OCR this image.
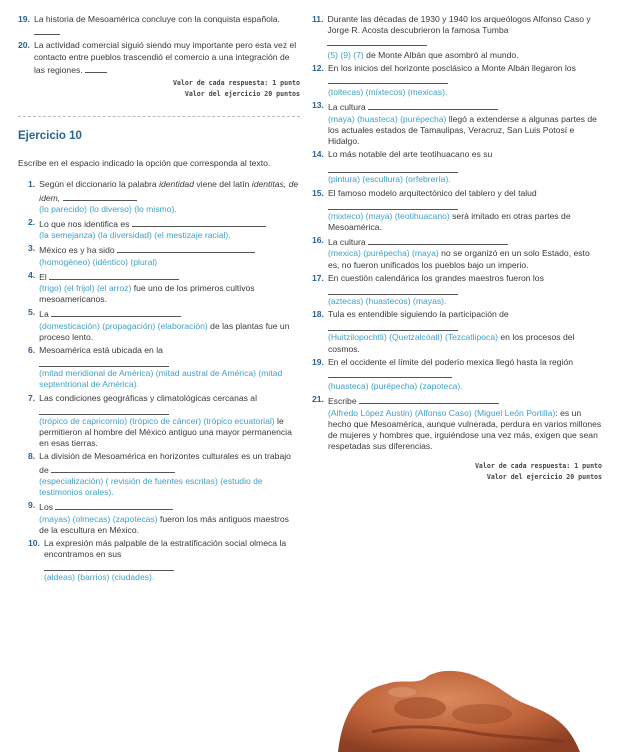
19. La historia de Mesoamérica concluye con la conquista española.
20. La actividad comercial siguió siendo muy importante pero esta vez el contacto entre pueblos trascendió el comercio a una integración de las regiones.
Valor de cada respuesta: 1 punto
Valor del ejercicio 20 puntos
Ejercicio 10
Escribe en el espacio indicado la opción que corresponda al texto.
1. Según el diccionario la palabra identidad viene del latín identitas, de idem,
(lo parecido) (lo diverso) (lo mismo).
2. Lo que nos identifica es
(la semejanza) (la diversidad) (el mestizaje racial).
3. México es y ha sido
(homogéneo) (idéntico) (plural)
4. El
(trigo) (el frijol) (el arroz) fue uno de los primeros cultivos mesoamericanos.
5. La
(domesticación) (propagación) (elaboración) de las plantas fue un proceso lento.
6. Mesoamérica está ubicada en la
(mitad meridional de América) (mitad austral de América) (mitad septentrional de América).
7. Las condiciones geográficas y climatológicas cercanas al
(trópico de capricornio) (trópico de cáncer) (trópico ecuatorial) le permitieron al hombre del México antiguo una mayor permanencia en esas tierras.
8. La división de Mesoamérica en horizontes culturales es un trabajo de
(especialización) ( revisión de fuentes escritas) (estudio de testimonios orales).
9. Los
(mayas) (olmecas) (zapotecas) fueron los más antiguos maestros de la escultura en México.
10. La expresión más palpable de la estratificación social olmeca la encontramos en sus
(aldeas) (barrios) (ciudades).
11. Durante las décadas de 1930 y 1940 los arqueólogos Alfonso Caso y Jorge R. Acosta descubrieron la famosa Tumba
(5) (9) (7) de Monte Albán que asombró al mundo.
12. En los inicios del horizonte posclásico a Monte Albán llegaron los
(toltecas) (mixtecos) (mexicas).
13. La cultura
(maya) (huasteca) (purépecha) llegó a extenderse a algunas partes de los actuales estados de Tamaulipas, Veracruz, San Luis Potosí e Hidalgo.
14. Lo más notable del arte teotihuacano es su
(pintura) (escultura) (orfebrería).
15. El famoso modelo arquitectónico del tablero y del talud
(mixteco) (maya) (teotihuacano) será imitado en otras partes de Mesoamérica.
16. La cultura
(mexica) (purépecha) (maya) no se organizó en un solo Estado, esto es, no fueron unificados los pueblos bajo un imperio.
17. En cuestión calendárica los grandes maestros fueron los
(aztecas) (huastecos) (mayas).
18. Tula es entendible siguiendo la participación de
(Huitzilopochtli) (Quetzalcóatl) (Tezcatlipoca) en los procesos del cosmos.
19. En el occidente el límite del poderío mexica llegó hasta la región
(huasteca) (purépecha) (zapoteca).
21. Escribe
(Alfredo López Austin) (Alfonso Caso) (Miguel León Portilla): es un hecho que Mesoamérica, aunque vulnerada, perdura en varios millones de mujeres y hombres que, irguiéndose una vez más, exigen que sean respetadas sus diferencias.
Valor de cada respuesta: 1 punto
Valor del ejercicio 20 puntos
